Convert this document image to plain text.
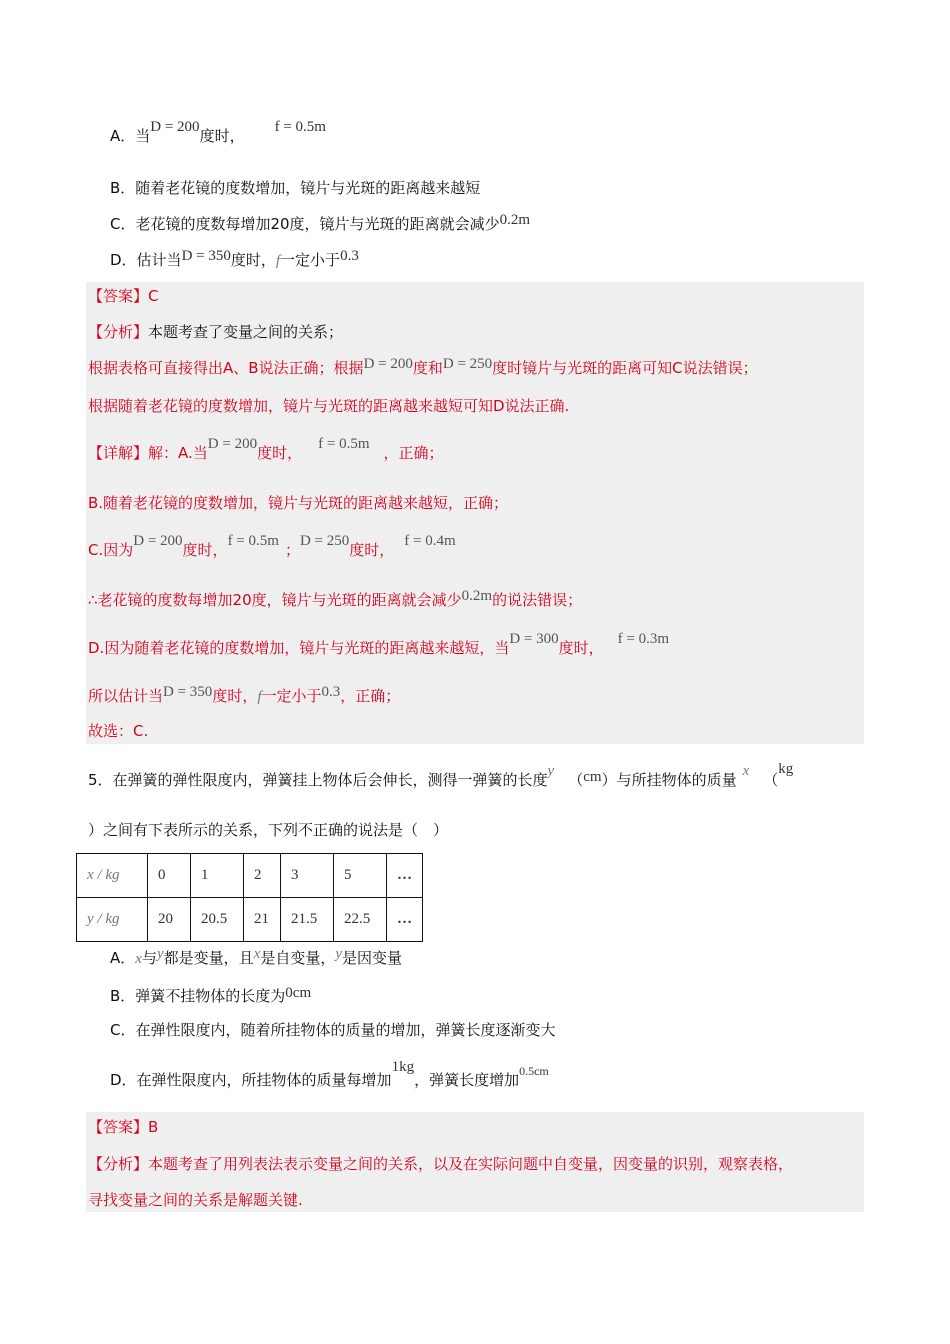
A．当D = 200度时， f = 0.5m
B．随着老花镜的度数增加，镜片与光斑的距离越来越短
C．老花镜的度数每增加20度，镜片与光斑的距离就会减少0.2m
D．估计当D = 350度时，f一定小于0.3
【答案】C
【分析】本题考查了变量之间的关系；
根据表格可直接得出A、B说法正确；根据D = 200度和D = 250度时镜片与光斑的距离可知C说法错误；
根据随着老花镜的度数增加，镜片与光斑的距离越来越短可知D说法正确.
【详解】解：A.当D = 200度时， f = 0.5m ，正确；
B.随着老花镜的度数增加，镜片与光斑的距离越来越短，正确；
C.因为D = 200度时，f = 0.5m ；D = 250度时， f = 0.4m
∴老花镜的度数每增加20度，镜片与光斑的距离就会减少0.2m的说法错误；
D.因为随着老花镜的度数增加，镜片与光斑的距离越来越短，当D = 300度时， f = 0.3m
所以估计当D = 350度时，f一定小于0.3，正确；
故选：C.
5．在弹簧的弹性限度内，弹簧挂上物体后会伸长，测得一弹簧的长度y （cm）与所挂物体的质量 x （kg
）之间有下表所示的关系，下列不正确的说法是（　）
x / kg	0	1	2	3	5	…
y / kg	20	20.5	21	21.5	22.5	…
A．x与y都是变量，且x是自变量，y是因变量
B．弹簧不挂物体的长度为0cm
C．在弹性限度内，随着所挂物体的质量的增加，弹簧长度逐渐变大
D．在弹性限度内，所挂物体的质量每增加1kg，弹簧长度增加$^{0.5cm}$
【答案】B
【分析】本题考查了用列表法表示变量之间的关系，以及在实际问题中自变量，因变量的识别，观察表格，
寻找变量之间的关系是解题关键.
